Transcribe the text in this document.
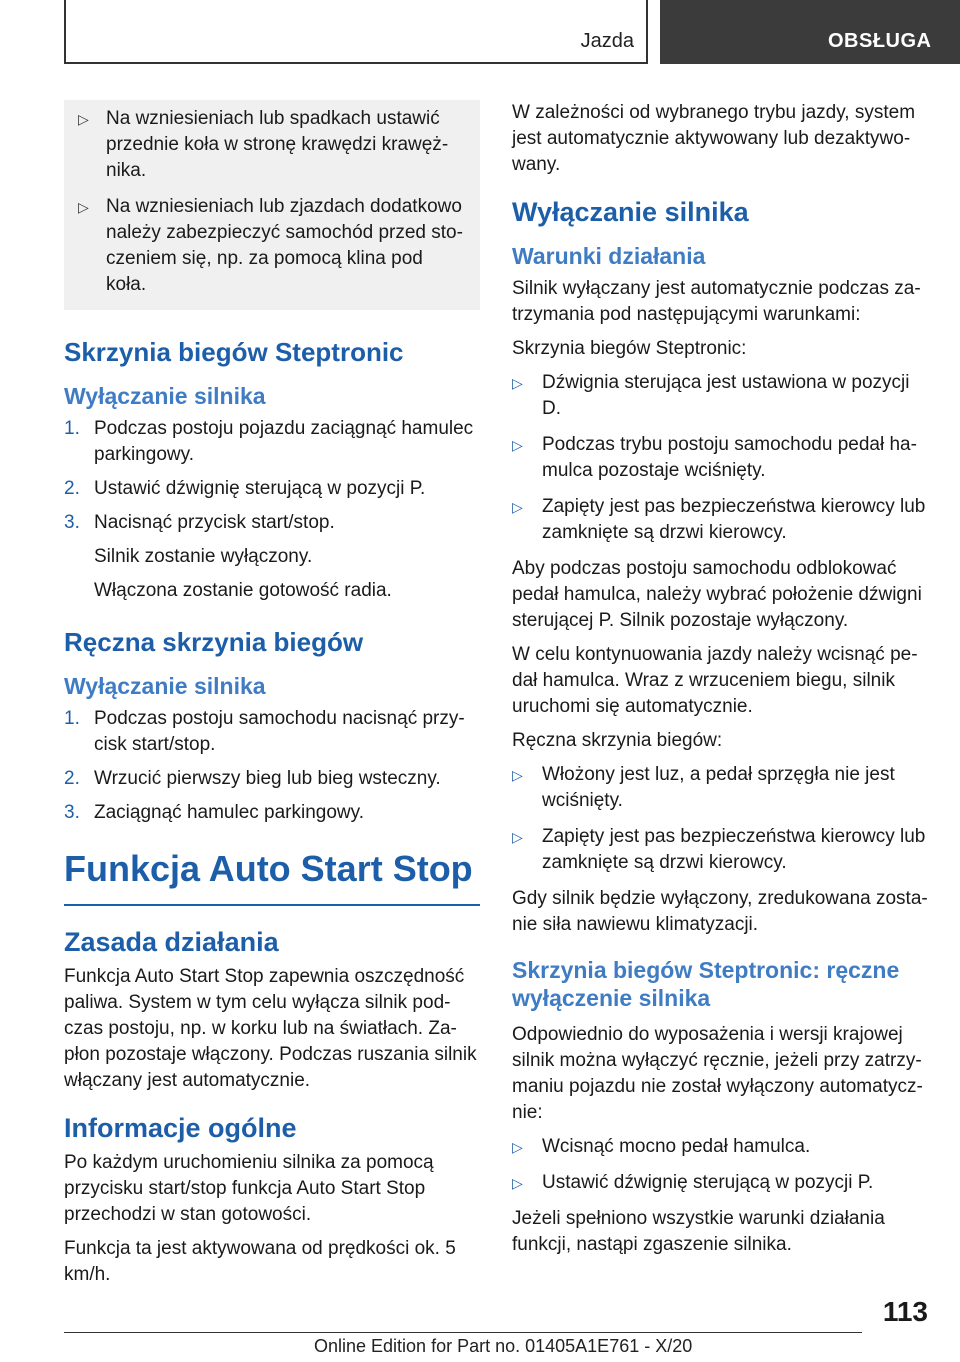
Jazda	OBSŁUGA
▷ Na wzniesieniach lub spadkach ustawić przednie koła w stronę krawędzi krawężnika.
▷ Na wzniesieniach lub zjazdach dodatkowo należy zabezpieczyć samochód przed stoczeniem się, np. za pomocą klina pod koła.
Skrzynia biegów Steptronic
Wyłączanie silnika
1. Podczas postoju pojazdu zaciągnąć hamulec parkingowy.
2. Ustawić dźwignię sterującą w pozycji P.
3. Nacisnąć przycisk start/stop.

Silnik zostanie wyłączony.

Włączona zostanie gotowość radia.

Ręczna skrzynia biegów
Wyłączanie silnika
1. Podczas postoju samochodu nacisnąć przycisk start/stop.
2. Wrzucić pierwszy bieg lub bieg wsteczny.
3. Zaciągnąć hamulec parkingowy.
Funkcja Auto Start Stop
Zasada działania

Funkcja Auto Start Stop zapewnia oszczędność paliwa. System w tym celu wyłącza silnik podczas postoju, np. w korku lub na światłach. Zapłon pozostaje włączony. Podczas ruszania silnik włączany jest automatycznie.

Informacje ogólne

Po każdym uruchomieniu silnika za pomocą przycisku start/stop funkcja Auto Start Stop przechodzi w stan gotowości.

Funkcja ta jest aktywowana od prędkości ok. 5 km/h.

W zależności od wybranego trybu jazdy, system jest automatycznie aktywowany lub dezaktywowany.

Wyłączanie silnika
Warunki działania

Silnik wyłączany jest automatycznie podczas zatrzymania pod następującymi warunkami:

Skrzynia biegów Steptronic:

▷ Dźwignia sterująca jest ustawiona w pozycji D.
▷ Podczas trybu postoju samochodu pedał hamulca pozostaje wciśnięty.
▷ Zapięty jest pas bezpieczeństwa kierowcy lub zamknięte są drzwi kierowcy.

Aby podczas postoju samochodu odblokować pedał hamulca, należy wybrać położenie dźwigni sterującej P. Silnik pozostaje wyłączony.

W celu kontynuowania jazdy należy wcisnąć pedał hamulca. Wraz z wrzuceniem biegu, silnik uruchomi się automatycznie.

Ręczna skrzynia biegów:

▷ Włożony jest luz, a pedał sprzęgła nie jest wciśnięty.
▷ Zapięty jest pas bezpieczeństwa kierowcy lub zamknięte są drzwi kierowcy.

Gdy silnik będzie wyłączony, zredukowana zostanie siła nawiewu klimatyzacji.

Skrzynia biegów Steptronic: ręczne wyłączenie silnika

Odpowiednio do wyposażenia i wersji krajowej silnik można wyłączyć ręcznie, jeżeli przy zatrzymaniu pojazdu nie został wyłączony automatycznie:

▷ Wcisnąć mocno pedał hamulca.
▷ Ustawić dźwignię sterującą w pozycji P.

Jeżeli spełniono wszystkie warunki działania funkcji, nastąpi zgaszenie silnika.

113
Online Edition for Part no. 01405A1E761 - X/20
